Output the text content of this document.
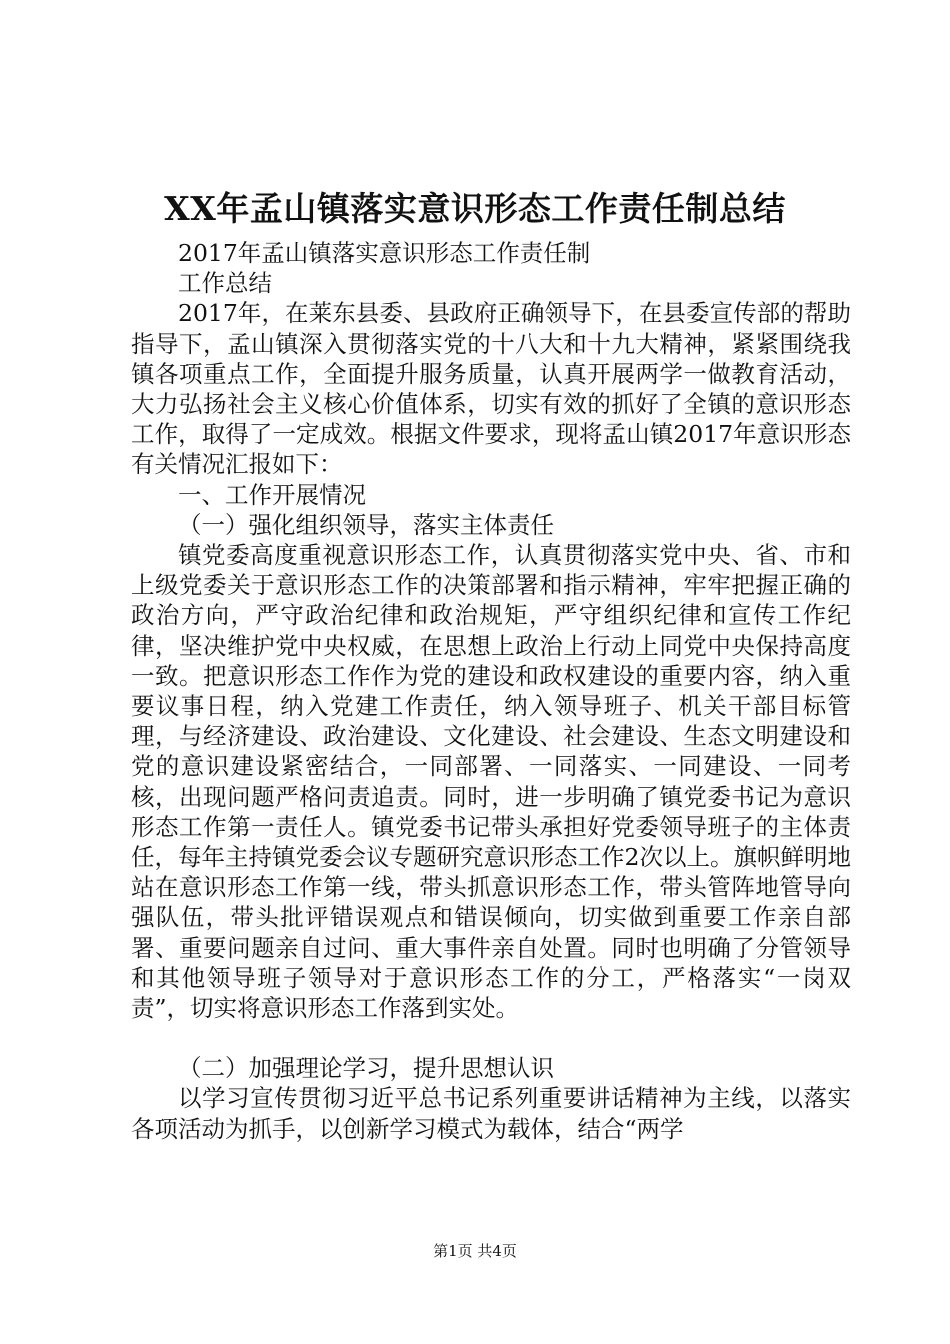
XX年孟山镇落实意识形态工作责任制总结

2017年孟山镇落实意识形态工作责任制

工作总结

2017年，在莱东县委、县政府正确领导下，在县委宣传部的帮助指导下，孟山镇深入贯彻落实党的十八大和十九大精神，紧紧围绕我镇各项重点工作，全面提升服务质量，认真开展两学一做教育活动，大力弘扬社会主义核心价值体系，切实有效的抓好了全镇的意识形态工作，取得了一定成效。根据文件要求，现将孟山镇2017年意识形态有关情况汇报如下：

一、工作开展情况

（一）强化组织领导，落实主体责任

镇党委高度重视意识形态工作，认真贯彻落实党中央、省、市和上级党委关于意识形态工作的决策部署和指示精神，牢牢把握正确的政治方向，严守政治纪律和政治规矩，严守组织纪律和宣传工作纪律，坚决维护党中央权威，在思想上政治上行动上同党中央保持高度一致。把意识形态工作作为党的建设和政权建设的重要内容，纳入重要议事日程，纳入党建工作责任，纳入领导班子、机关干部目标管理，与经济建设、政治建设、文化建设、社会建设、生态文明建设和党的意识建设紧密结合，一同部署、一同落实、一同建设、一同考核，出现问题严格问责追责。同时，进一步明确了镇党委书记为意识形态工作第一责任人。镇党委书记带头承担好党委领导班子的主体责任，每年主持镇党委会议专题研究意识形态工作2次以上。旗帜鲜明地站在意识形态工作第一线，带头抓意识形态工作，带头管阵地管导向强队伍，带头批评错误观点和错误倾向，切实做到重要工作亲自部署、重要问题亲自过问、重大事件亲自处置。同时也明确了分管领导和其他领导班子领导对于意识形态工作的分工，严格落实“一岗双责”，切实将意识形态工作落到实处。

（二）加强理论学习，提升思想认识

以学习宣传贯彻习近平总书记系列重要讲话精神为主线，以落实各项活动为抓手，以创新学习模式为载体，结合“两学

第1页 共4页
